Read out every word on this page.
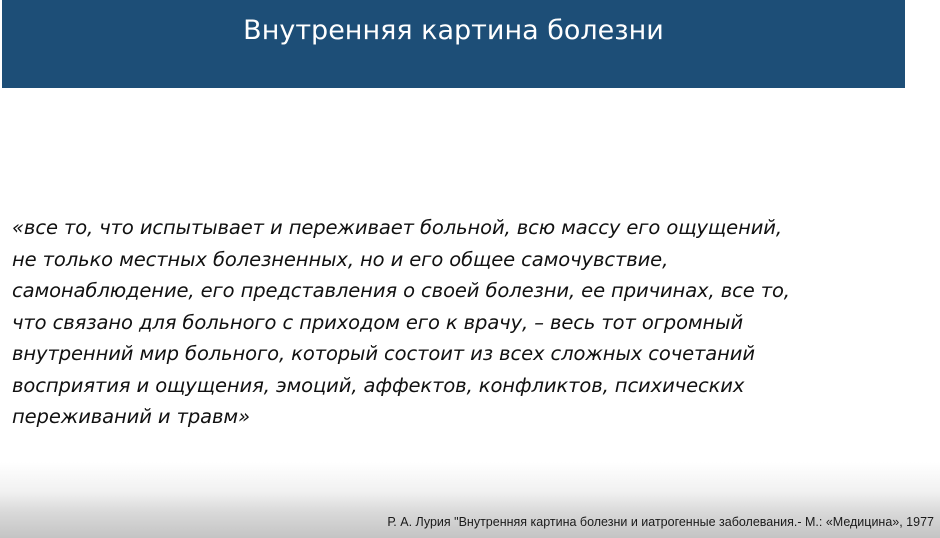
Внутренняя картина болезни
«все то, что испытывает и переживает больной, всю массу его ощущений,
не только местных болезненных, но и его общее самочувствие,
самонаблюдение, его представления о своей болезни, ее причинах, все то,
что связано для больного с приходом его к врачу, – весь тот огромный
внутренний мир больного, который состоит из всех сложных сочетаний
восприятия и ощущения, эмоций, аффектов, конфликтов, психических
переживаний и травм»
Р. А. Лурия "Внутренняя картина болезни и иатрогенные заболевания.- М.: «Медицина», 1977
